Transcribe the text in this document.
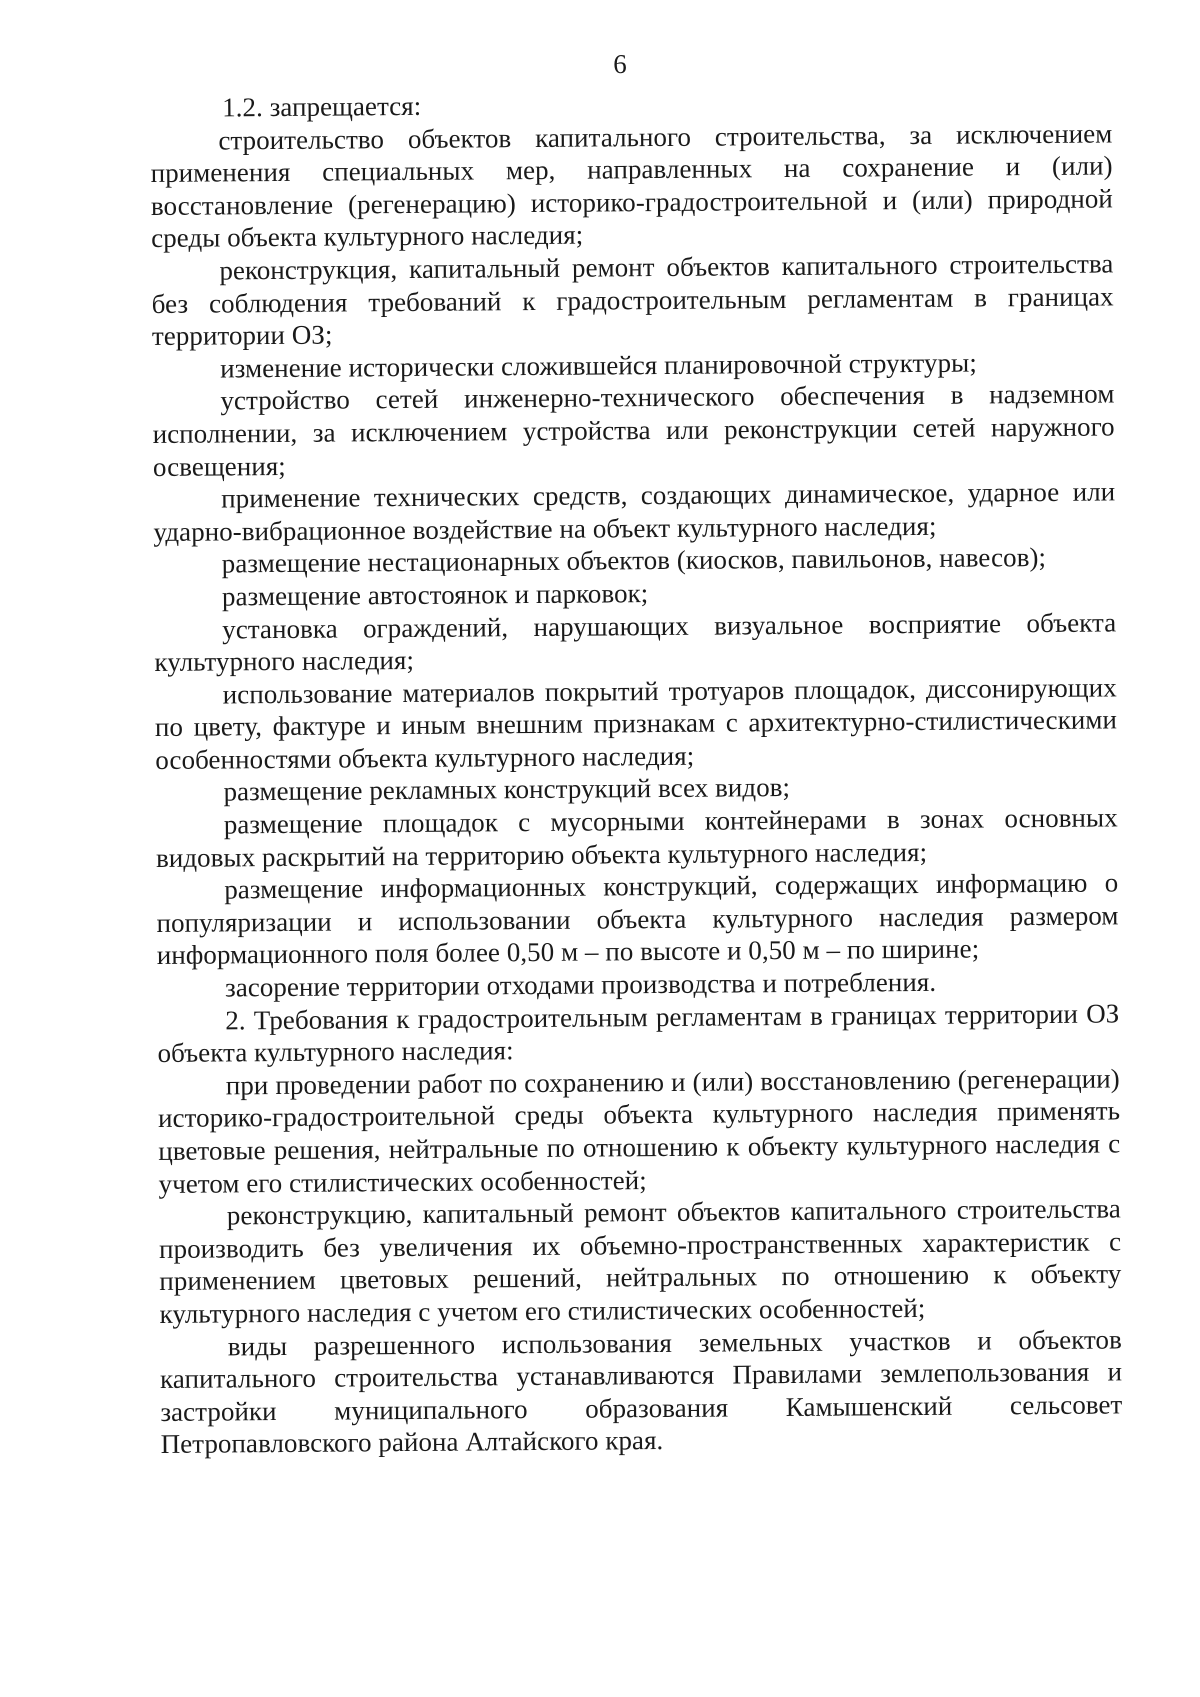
6

1.2. запрещается:

строительство объектов капитального строительства, за исключением применения специальных мер, направленных на сохранение и (или) восстановление (регенерацию) историко-градостроительной и (или) природной среды объекта культурного наследия;

реконструкция, капитальный ремонт объектов капитального строительства без соблюдения требований к градостроительным регламентам в границах территории ОЗ;

изменение исторически сложившейся планировочной структуры;

устройство сетей инженерно-технического обеспечения в надземном исполнении, за исключением устройства или реконструкции сетей наружного освещения;

применение технических средств, создающих динамическое, ударное или ударно-вибрационное воздействие на объект культурного наследия;

размещение нестационарных объектов (киосков, павильонов, навесов);

размещение автостоянок и парковок;

установка ограждений, нарушающих визуальное восприятие объекта культурного наследия;

использование материалов покрытий тротуаров площадок, диссонирующих по цвету, фактуре и иным внешним признакам с архитектурно-стилистическими особенностями объекта культурного наследия;

размещение рекламных конструкций всех видов;

размещение площадок с мусорными контейнерами в зонах основных видовых раскрытий на территорию объекта культурного наследия;

размещение информационных конструкций, содержащих информацию о популяризации и использовании объекта культурного наследия размером информационного поля более 0,50 м – по высоте и 0,50 м – по ширине;

засорение территории отходами производства и потребления.

2. Требования к градостроительным регламентам в границах территории ОЗ объекта культурного наследия:

при проведении работ по сохранению и (или) восстановлению (регенерации) историко-градостроительной среды объекта культурного наследия применять цветовые решения, нейтральные по отношению к объекту культурного наследия с учетом его стилистических особенностей;

реконструкцию, капитальный ремонт объектов капитального строительства производить без увеличения их объемно-пространственных характеристик с применением цветовых решений, нейтральных по отношению к объекту культурного наследия с учетом его стилистических особенностей;

виды разрешенного использования земельных участков и объектов капитального строительства устанавливаются Правилами землепользования и застройки муниципального образования Камышенский сельсовет Петропавловского района Алтайского края.
